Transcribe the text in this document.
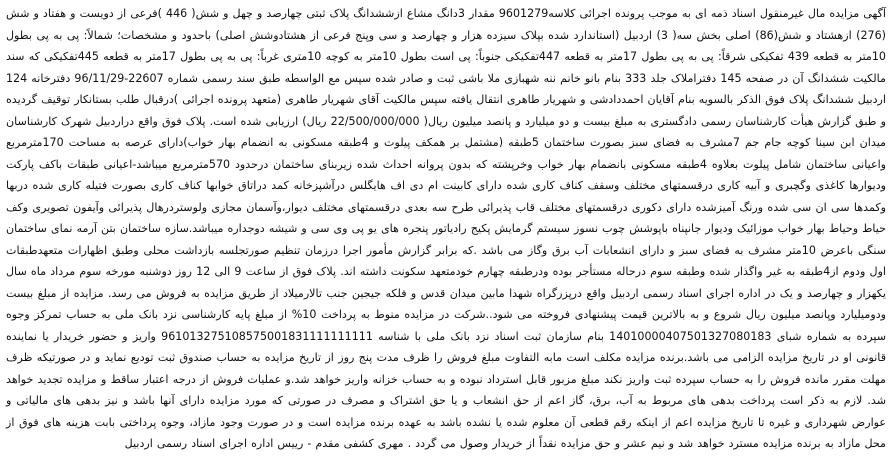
آگهی مزایده مال غیرمنقول اسناد ذمه ای به موجب پرونده اجرائی کلاسه9601279 مقدار 3دانگ مشاع ازششدانگ پلاک ثبتی چهارصد و چهل و شش( 446 )فرعی از دویست و هفتاد و شش (276) ازهشتاد و شش(86) اصلی بخش سه( 3) اردبیل (استاندارد شده بپلاک سیزده هزار و چهارصد و سی وپنج فرعی از هشتادوشش اصلی) باحدود و مشخصات؛ شمالاً: پی به پی بطول 10متر به قطعه 439 تفکیکی شرقاً: پی به پی بطول 17متر به قطعه 447تفکیکی جنوباً: پی است بطول 10متر به کوچه 10متری غرباً: پی به پی بطول 17متر به قطعه 445تفکیکی که سند مالکیت ششدانگ آن در صفحه 145 دفتراملاک جلد 333 بنام بانو خانم ننه شهبازی ملا باشی ثبت و صادر شده سپس مع الواسطه طبق سند رسمی شماره 22607-96/11/29 دفترخانه 124 اردبیل ششدانگ پلاک فوق الذکر بالسویه بنام آقایان احمددادشی و شهریار طاهری انتقال یافته سپس مالکیت آقای شهریار طاهری (متعهد پرونده اجرائی )درقبال طلب بستانکار توقیف گردیده و طبق گزارش هیأت کارشناسان رسمی دادگستری به مبلغ بیست و دو میلیارد و پانصد میلیون ریال( 22/500/000/000 ریال) ارزیابی شده است. پلاک فوق واقع دراردبیل شهرک کارشناسان میدان ابن سینا کوچه جام جم 7مشرف به فضای سبز بصورت ساختمان 5طبقه (مشتمل بر همکف پیلوت و 4طبقه مسکونی به انضمام بهار خواب)دارای عرصه به مساحت 170مترمربع واعیانی ساختمان شامل پیلوت بعلاوه 4طبقه مسکونی بانضمام بهار خواب وخرپشته که بدون پروانه احداث شده زیربنای ساختمان درحدود 570مترمربع میباشد-اعیانی طبقات باکف پارکت ودیوارها کاغذی وگچبری و آبیه کاری درقسمتهای مختلف وسقف کناف کاری شده دارای کابینت ام دی اف هایگلس درآشپزخانه کمد دراتاق خوابها کناف کاری بصورت فتیله کاری شده دربها وکمدها سی ان سی شده ورنگ آمیزشده دارای دکوری درقسمتهای مختلف قاب پذیرائی طرح سه بعدی درقسمتهای مختلف دیوار،وآسمان مجازی ولوستردرهال پذیرائی وآیفون تصویری وکف حیاط وحیاط بهار خواب موزائیک ودیوار جانپناه باپوشش چوب نسوز سیستم گرمایش پکیج رادیاتور پنجره های یو پی وی سی و شیشه دوجداره میباشد.سازه ساختمان بتن آرمه نمای ساختمان سنگی باعرض 10متر مشرف به فضای سبز و دارای انشعابات آب برق وگاز می باشد .که برابر گزارش مأمور اجرا درزمان تنظیم صورتجلسه بازداشت محلی وطبق اظهارات متعهدطبقات اول ودوم از4طبقه به غیر واگذار شده وطبقه سوم درحاله مستأجر بوده ودرطبقه چهارم خودمتعهد سکونت داشته اند. پلاک فوق از ساعت 9 الی 12 روز دوشنبه مورخه سوم مرداد ماه سال یکهزار و چهارصد و یک در اداره اجرای اسناد رسمی اردبیل واقع درپزرگراه شهدا مابین میدان قدس و فلکه جیجین جنب تالارمیلاد از طریق مزایده به فروش می رسد. مزایده از مبلغ بیست ودومیلیارد وپانصد میلیون ریال شروع و به بالاترین قیمت پیشنهادی فروخته می شود..شرکت در مزایده منوط به پرداخت 10% از مبلغ پایه کارشناسی نزد بانک ملی به حساب تمرکز وجوه سپرده به شماره شبای 14010000407501327080183 بنام سازمان ثبت اسناد نزد بانک ملی با شناسه 961013275108575001831111111111 واریز و حضور خریدار یا نماینده قانونی او در تاریخ مزایده الزامی می باشد.برنده مزایده مکلف است مابه التفاوت مبلغ فروش را ظرف مدت پنج روز از تاریخ مزایده به حساب صندوق ثبت تودیع نماید و در صورتیکه ظرف مهلت مقرر مانده فروش را به حساب سپرده ثبت واریز نکند مبلغ مزبور قابل استرداد نبوده و به حساب خزانه واریز خواهد شد.و عملیات فروش از درجه اعتبار ساقط و مزایده تجدید خواهد شد. لازم به ذکر است پرداخت بدهی های مربوط به آب، برق، گاز اعم از حق انشعاب و یا حق اشتراک و مصرف در صورتی که مورد مزایده دارای آنها باشد و نیز بدهی های مالیاتی و عوارض شهرداری و غیره تا تاریخ مزایده اعم از اینکه رقم قطعی آن معلوم شده یا نشده باشد به عهده برنده مزایده است و در صورت وجود مازاد، وجوه پرداختی بابت هزینه های فوق از محل مازاد به برنده مزایده مسترد خواهد شد و نیم عشر و حق مزایده نقداً از خریدار وصول می گردد . مهری کشفی مقدم - رییس اداره اجرای اسناد رسمی اردبیل
